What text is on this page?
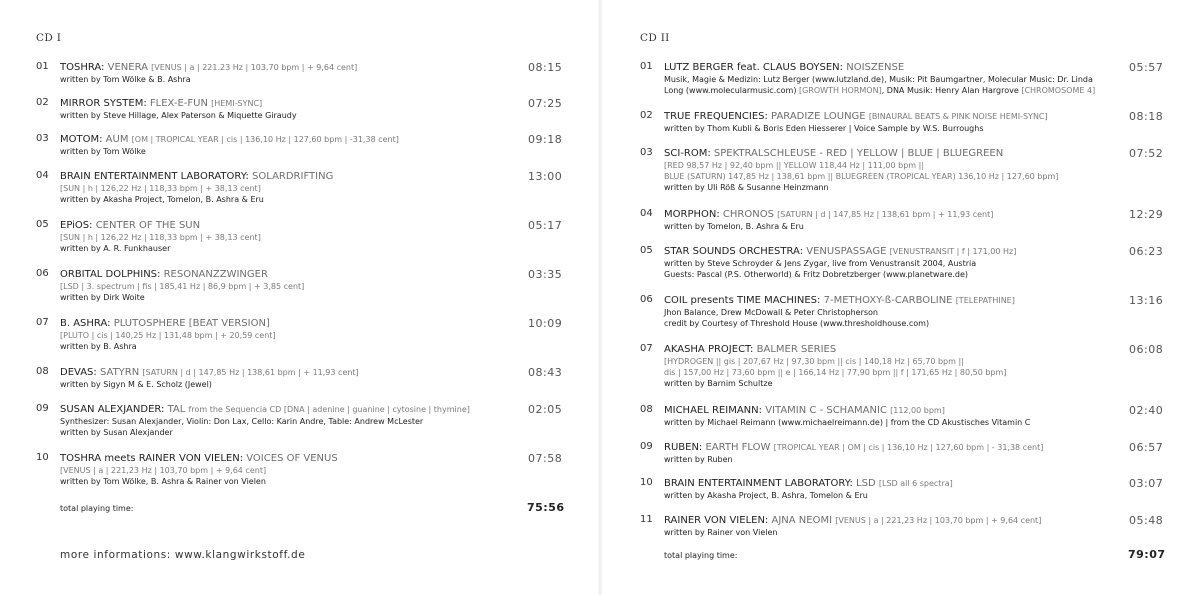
CD I
01 TOSHRA: VENERA [VENUS | a | 221.23 Hz | 103.70 bpm | + 9,64 cent]
written by Tom Wölke & B. Ashra
08:15
02 MIRROR SYSTEM: FLEX-E-FUN [HEMI-SYNC]
written by Steve Hillage, Alex Paterson & Miquette Giraudy
07:25
03 MOTOM: AUM [OM | TROPICAL YEAR | cis | 136,10 Hz | 127,60 bpm | -31,38 cent]
written by Tom Wölke
09:18
04 BRAIN ENTERTAINMENT LABORATORY: SOLARDRIFTING
[SUN | h | 126,22 Hz | 118,33 bpm | + 38,13 cent]
written by Akasha Project, Tomelon, B. Ashra & Eru
13:00
05 EPiOS: CENTER OF THE SUN
[SUN | h | 126,22 Hz | 118,33 bpm | + 38,13 cent]
written by A. R. Funkhauser
05:17
06 ORBITAL DOLPHINS: RESONANZZWINGER
[LSD | 3. spectrum | fis | 185,41 Hz | 86,9 bpm | + 3,85 cent]
written by Dirk Woite
03:35
07 B. ASHRA: PLUTOSPHERE [BEAT VERSION]
[PLUTO | cis | 140,25 Hz | 131,48 bpm | + 20,59 cent]
written by B. Ashra
10:09
08 DEVAS: SATYRN [SATURN | d | 147,85 Hz | 138,61 bpm | + 11,93 cent]
written by Sigyn M & E. Scholz (Jewel)
08:43
09 SUSAN ALEXJANDER: TAL from the Sequencia CD [DNA | adenine | guanine | cytosine | thymine]
Synthesizer: Susan Alexjander, Violin: Don Lax, Cello: Karin Andre, Table: Andrew McLester
written by Susan Alexjander
02:05
10 TOSHRA meets RAINER VON VIELEN: VOICES OF VENUS
[VENUS | a | 221,23 Hz | 103,70 bpm | + 9,64 cent]
written by Tom Wölke, B. Ashra & Rainer von Vielen
07:58
total playing time:	75:56
more informations: www.klangwirkstoff.de
CD II
01 LUTZ BERGER feat. CLAUS BOYSEN: NOISZENSE
Musik, Magie & Medizin: Lutz Berger (www.lutzland.de), Musik: Pit Baumgartner, Molecular Music: Dr. Linda
Long (www.molecularmusic.com) [GROWTH HORMON], DNA Musik: Henry Alan Hargrove [CHROMOSOME 4]
05:57
02 TRUE FREQUENCIES: PARADIZE LOUNGE [BINAURAL BEATS & PINK NOISE HEMI-SYNC]
written by Thom Kubli & Boris Eden Hiesserer | Voice Sample by W.S. Burroughs
08:18
03 SCI-ROM: SPEKTRALSCHLEUSE - RED | YELLOW | BLUE | BLUEGREEN
[RED 98,57 Hz | 92,40 bpm || YELLOW 118,44 Hz | 111,00 bpm ||
BLUE (SATURN) 147,85 Hz | 138,61 bpm || BLUEGREEN (TROPICAL YEAR) 136,10 Hz | 127,60 bpm]
written by Uli Röß & Susanne Heinzmann
07:52
04 MORPHON: CHRONOS [SATURN | d | 147,85 Hz | 138,61 bpm | + 11,93 cent]
written by Tomelon, B. Ashra & Eru
12:29
05 STAR SOUNDS ORCHESTRA: VENUSPASSAGE [VENUSTRANSIT | f | 171,00 Hz]
written by Steve Schroyder & Jens Zygar, live from Venustransit 2004, Austria
Guests: Pascal (P.S. Otherworld) & Fritz Dobretzberger (www.planetware.de)
06:23
06 COIL presents TIME MACHINES: 7-METHOXY-ß-CARBOLINE [TELEPATHINE]
Jhon Balance, Drew McDowall & Peter Christopherson
credit by Courtesy of Threshold House (www.thresholdhouse.com)
13:16
07 AKASHA PROJECT: BALMER SERIES
[HYDROGEN || gis | 207,67 Hz | 97,30 bpm || cis | 140,18 Hz | 65,70 bpm ||
dis | 157,00 Hz | 73,60 bpm || e | 166,14 Hz | 77,90 bpm || f | 171,65 Hz | 80,50 bpm]
written by Barnim Schultze
06:08
08 MICHAEL REIMANN: VITAMIN C - SCHAMANIC [112,00 bpm]
written by Michael Reimann (www.michaelreimann.de) | from the CD Akustisches Vitamin C
02:40
09 RUBEN: EARTH FLOW [TROPICAL YEAR | OM | cis | 136,10 Hz | 127,60 bpm | - 31,38 cent]
written by Ruben
06:57
10 BRAIN ENTERTAINMENT LABORATORY: LSD [LSD all 6 spectra]
written by Akasha Project, B. Ashra, Tomelon & Eru
03:07
11 RAINER VON VIELEN: AJNA NEOMI [VENUS | a | 221,23 Hz | 103,70 bpm | + 9,64 cent]
written by Rainer von Vielen
05:48
total playing time:	79:07
